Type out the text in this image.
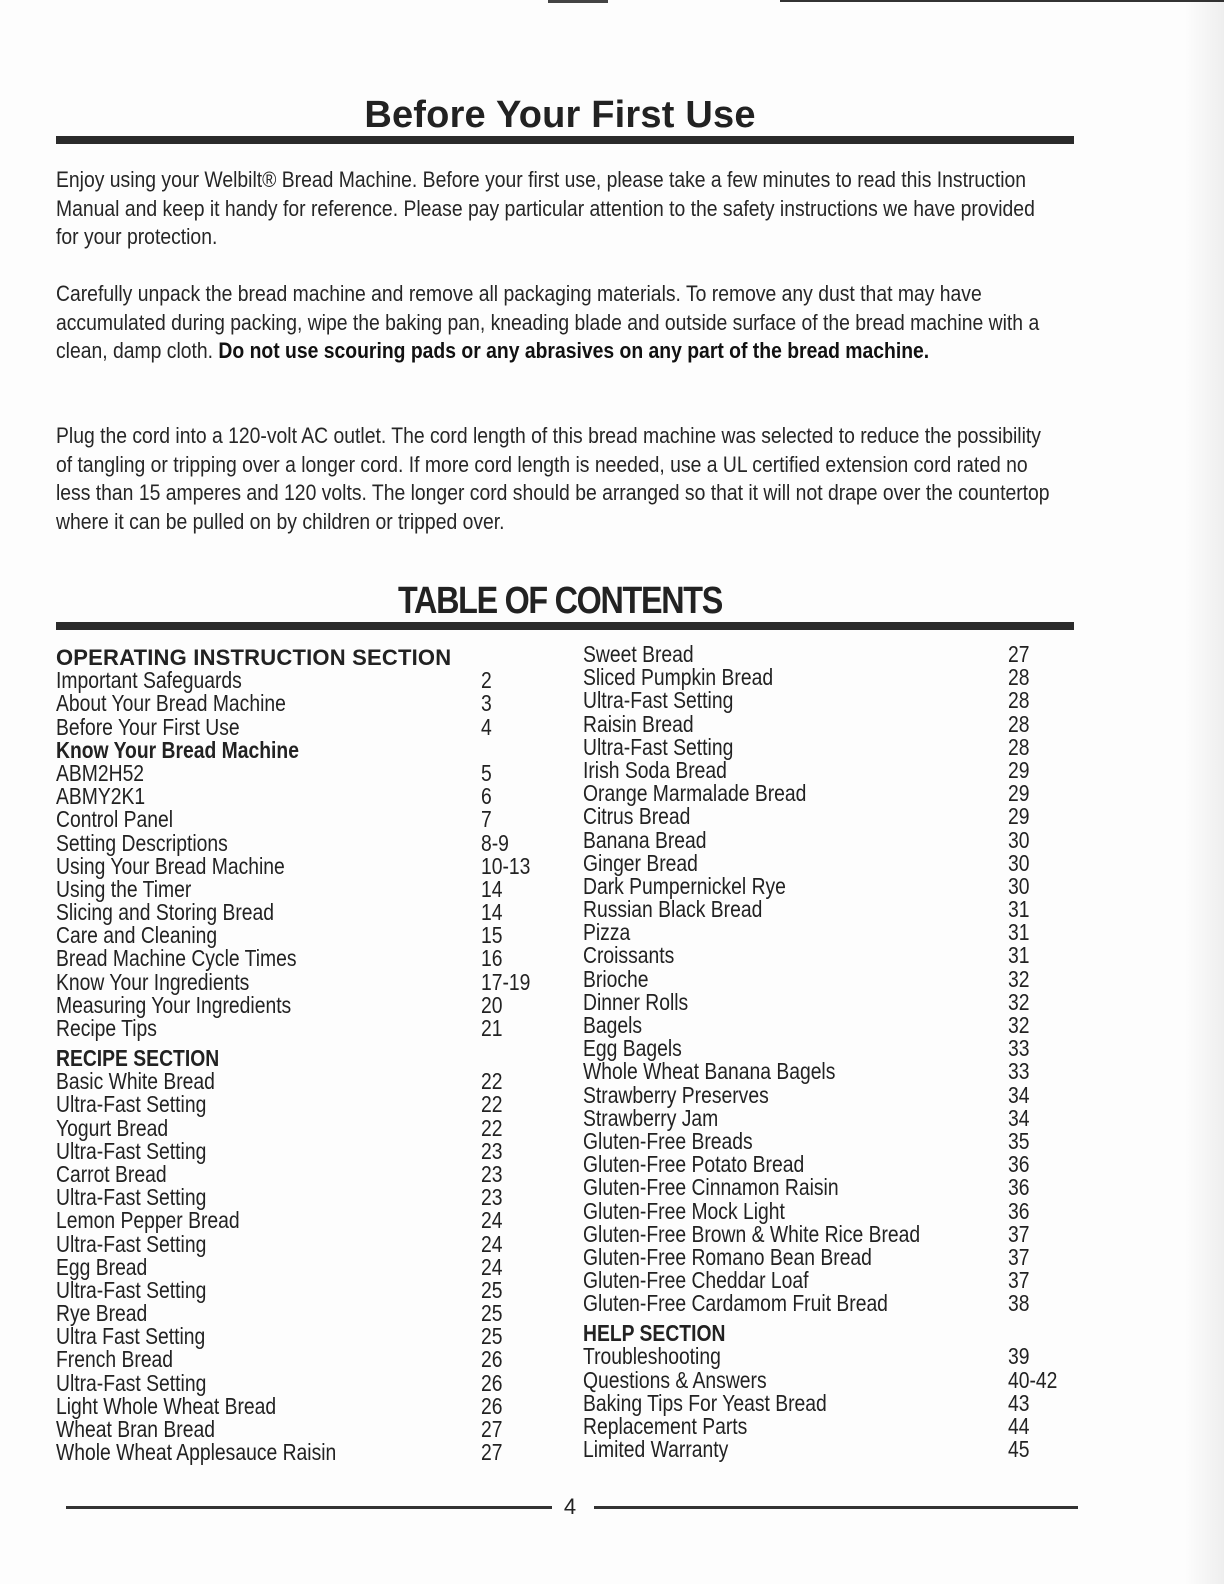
Before Your First Use

Enjoy using your Welbilt® Bread Machine. Before your first use, please take a few minutes to read this Instruction Manual and keep it handy for reference. Please pay particular attention to the safety instructions we have provided for your protection.

Carefully unpack the bread machine and remove all packaging materials. To remove any dust that may have accumulated during packing, wipe the baking pan, kneading blade and outside surface of the bread machine with a clean, damp cloth. Do not use scouring pads or any abrasives on any part of the bread machine.

Plug the cord into a 120-volt AC outlet. The cord length of this bread machine was selected to reduce the possibility of tangling or tripping over a longer cord. If more cord length is needed, use a UL certified extension cord rated no less than 15 amperes and 120 volts. The longer cord should be arranged so that it will not drape over the countertop where it can be pulled on by children or tripped over.

TABLE OF CONTENTS
OPERATING INSTRUCTION SECTION
Important Safeguards	2
About Your Bread Machine	3
Before Your First Use	4
Know Your Bread Machine
ABM2H52	5
ABMY2K1	6
Control Panel	7
Setting Descriptions	8-9
Using Your Bread Machine	10-13
Using the Timer	14
Slicing and Storing Bread	14
Care and Cleaning	15
Bread Machine Cycle Times	16
Know Your Ingredients	17-19
Measuring Your Ingredients	20
Recipe Tips	21
RECIPE SECTION
Basic White Bread	22
Ultra-Fast Setting	22
Yogurt Bread	22
Ultra-Fast Setting	23
Carrot Bread	23
Ultra-Fast Setting	23
Lemon Pepper Bread	24
Ultra-Fast Setting	24
Egg Bread	24
Ultra-Fast Setting	25
Rye Bread	25
Ultra Fast Setting	25
French Bread	26
Ultra-Fast Setting	26
Light Whole Wheat Bread	26
Wheat Bran Bread	27
Whole Wheat Applesauce Raisin	27
Sweet Bread	27
Sliced Pumpkin Bread	28
Ultra-Fast Setting	28
Raisin Bread	28
Ultra-Fast Setting	28
Irish Soda Bread	29
Orange Marmalade Bread	29
Citrus Bread	29
Banana Bread	30
Ginger Bread	30
Dark Pumpernickel Rye	30
Russian Black Bread	31
Pizza	31
Croissants	31
Brioche	32
Dinner Rolls	32
Bagels	32
Egg Bagels	33
Whole Wheat Banana Bagels	33
Strawberry Preserves	34
Strawberry Jam	34
Gluten-Free Breads	35
Gluten-Free Potato Bread	36
Gluten-Free Cinnamon Raisin	36
Gluten-Free Mock Light	36
Gluten-Free Brown & White Rice Bread	37
Gluten-Free Romano Bean Bread	37
Gluten-Free Cheddar Loaf	37
Gluten-Free Cardamom Fruit Bread	38
HELP SECTION
Troubleshooting	39
Questions & Answers	40-42
Baking Tips For Yeast Bread	43
Replacement Parts	44
Limited Warranty	45
4
